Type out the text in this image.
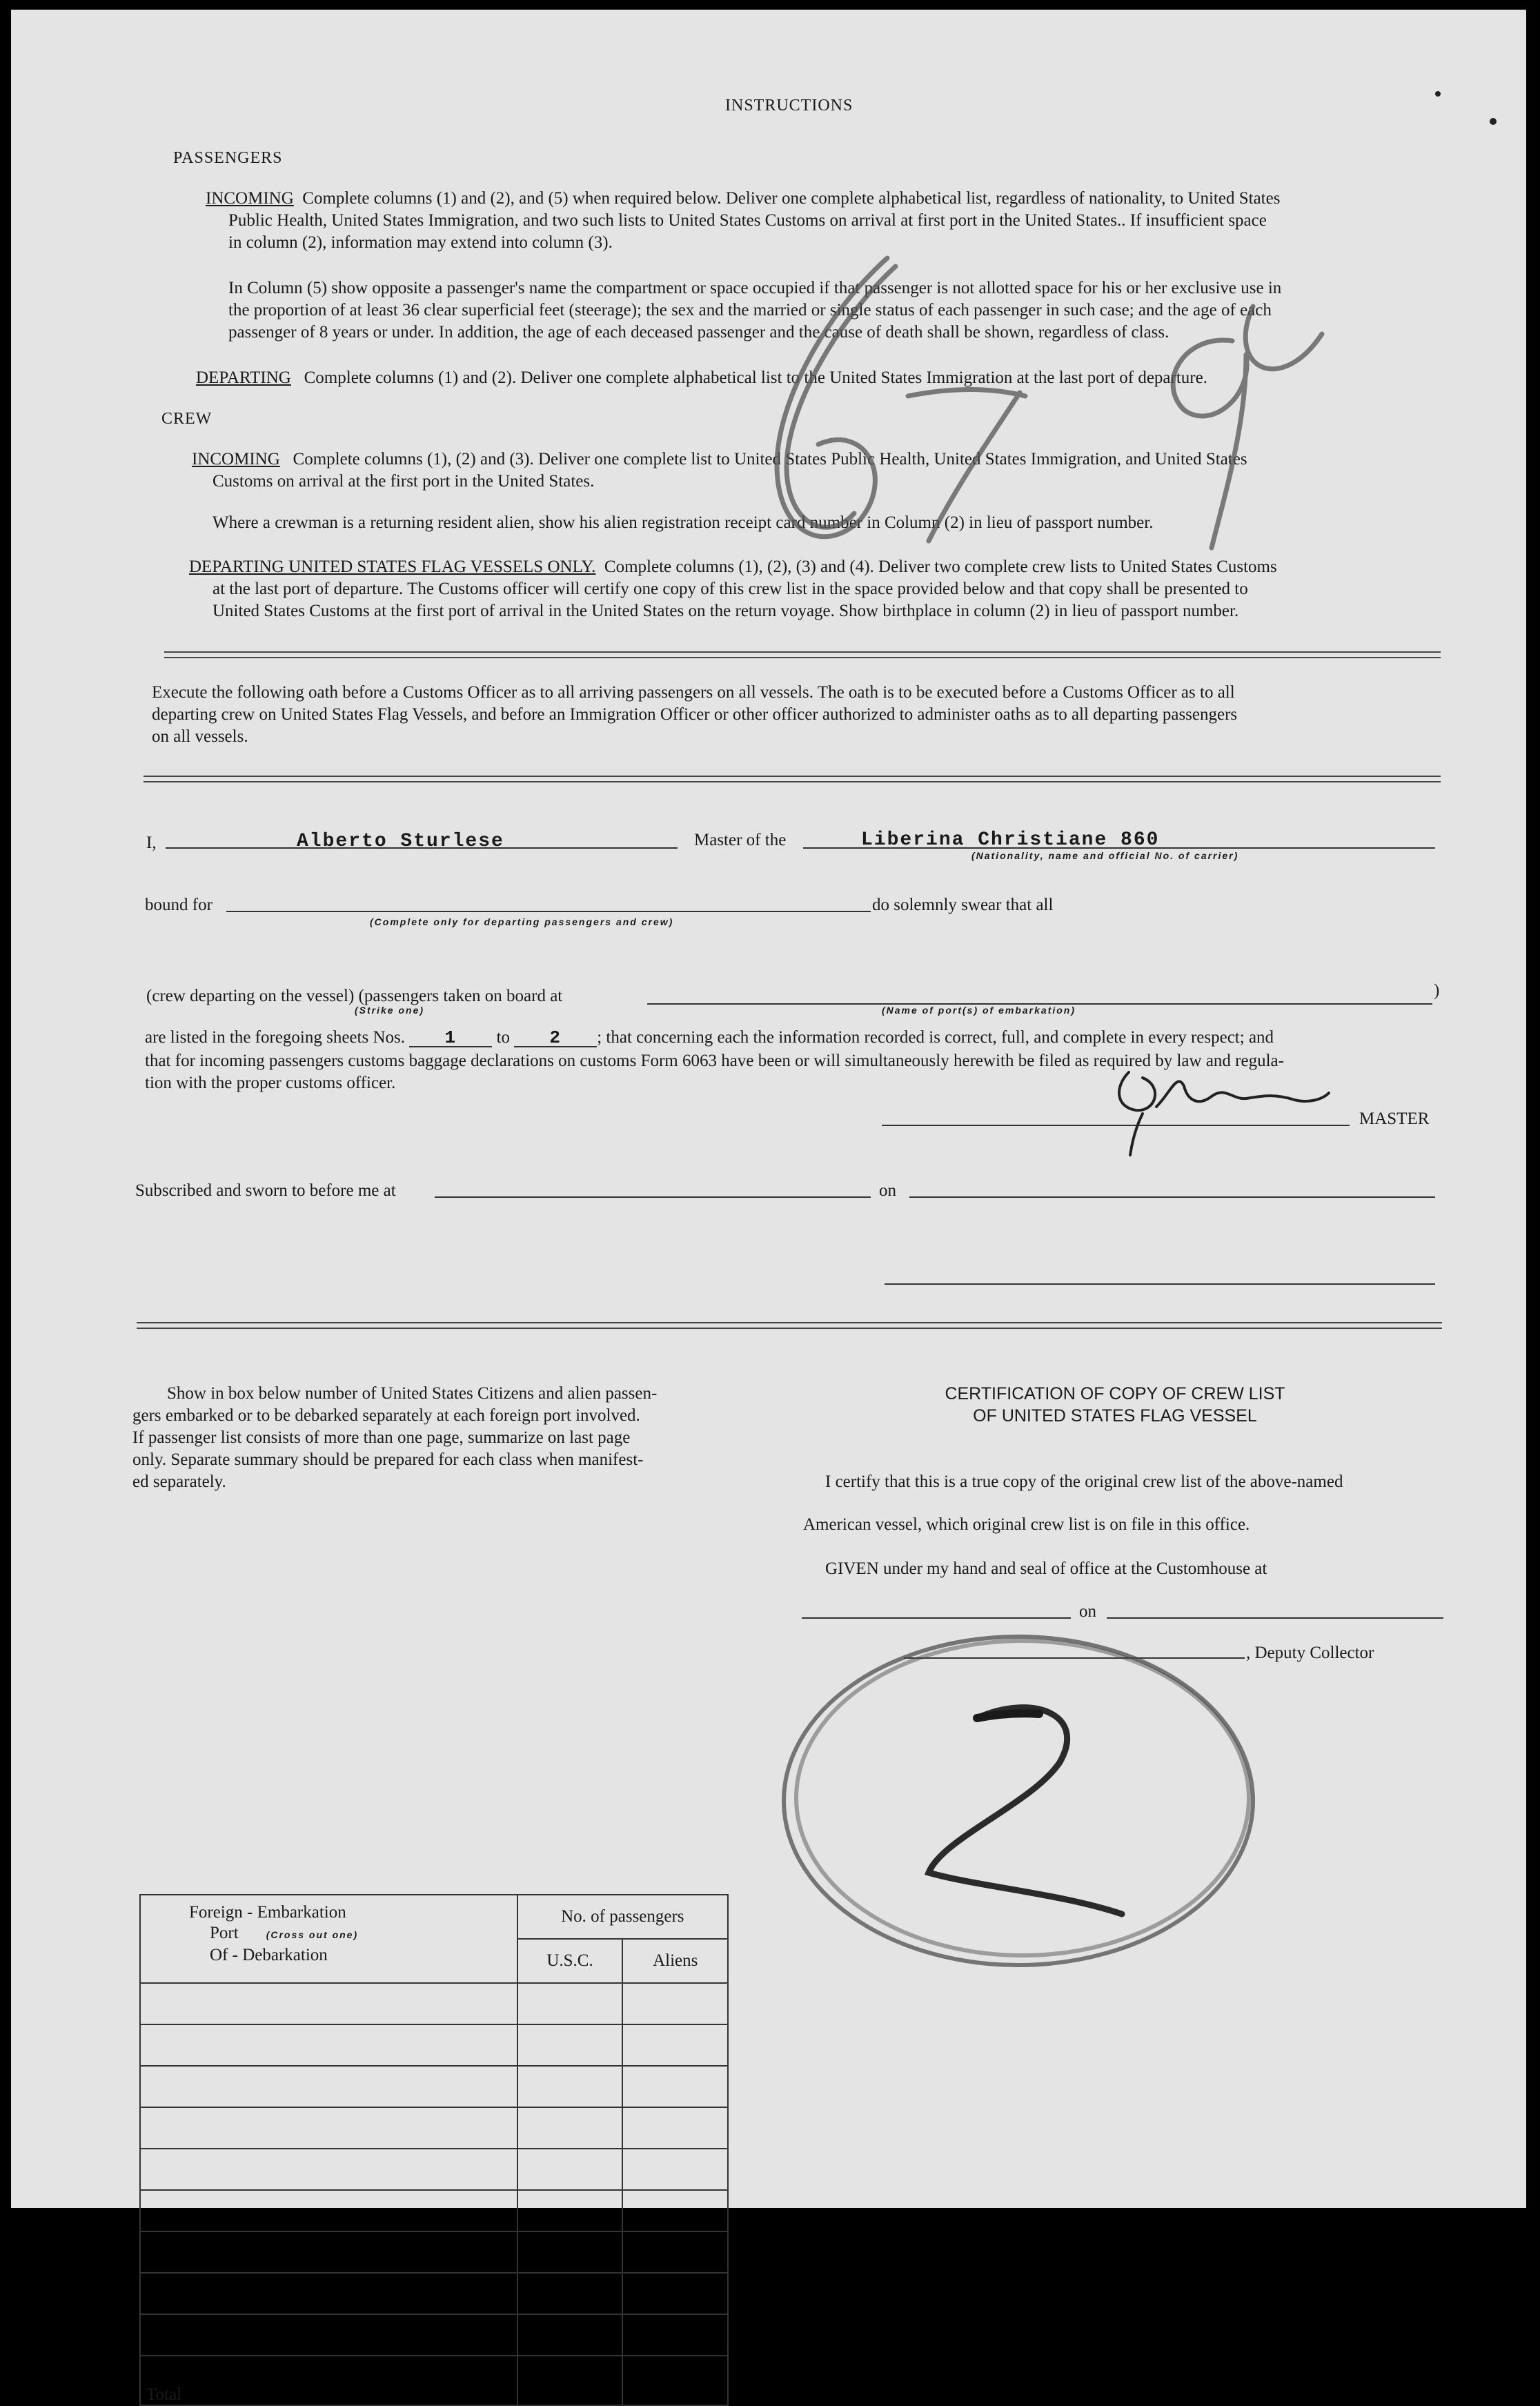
INSTRUCTIONS
PASSENGERS
INCOMING Complete columns (1) and (2), and (5) when required below. Deliver one complete alphabetical list, regardless of nationality, to United States
Public Health, United States Immigration, and two such lists to United States Customs on arrival at first port in the United States.. If insufficient space
in column (2), information may extend into column (3).
In Column (5) show opposite a passenger's name the compartment or space occupied if that passenger is not allotted space for his or her exclusive use in
the proportion of at least 36 clear superficial feet (steerage); the sex and the married or single status of each passenger in such case; and the age of each
passenger of 8 years or under. In addition, the age of each deceased passenger and the cause of death shall be shown, regardless of class.
DEPARTING Complete columns (1) and (2). Deliver one complete alphabetical list to the United States Immigration at the last port of departure.
CREW
INCOMING Complete columns (1), (2) and (3). Deliver one complete list to United States Public Health, United States Immigration, and United States
Customs on arrival at the first port in the United States.
Where a crewman is a returning resident alien, show his alien registration receipt card number in Column (2) in lieu of passport number.
DEPARTING UNITED STATES FLAG VESSELS ONLY. Complete columns (1), (2), (3) and (4). Deliver two complete crew lists to United States Customs
at the last port of departure. The Customs officer will certify one copy of this crew list in the space provided below and that copy shall be presented to
United States Customs at the first port of arrival in the United States on the return voyage. Show birthplace in column (2) in lieu of passport number.
Execute the following oath before a Customs Officer as to all arriving passengers on all vessels. The oath is to be executed before a Customs Officer as to all
departing crew on United States Flag Vessels, and before an Immigration Officer or other officer authorized to administer oaths as to all departing passengers
on all vessels.
I,	Alberto Sturlese	Master of the	Liberina Christiane 860
(Nationality, name and official No. of carrier)
bound for	do solemnly swear that all
(Complete only for departing passengers and crew)
(crew departing on the vessel) (passengers taken on board at	)
(Strike one)	(Name of port(s) of embarkation)
are listed in the foregoing sheets Nos. 1 to 2 ; that concerning each the information recorded is correct, full, and complete in every respect; and
that for incoming passengers customs baggage declarations on customs Form 6063 have been or will simultaneously herewith be filed as required by law and regula-
tion with the proper customs officer.
MASTER
Subscribed and sworn to before me at	on
Show in box below number of United States Citizens and alien passen-
gers embarked or to be debarked separately at each foreign port involved.
If passenger list consists of more than one page, summarize on last page
only. Separate summary should be prepared for each class when manifest-
ed separately.
Foreign - Embarkation
Port (Cross out one)
Of - Debarkation	No. of passengers	
	U.S.C.	Aliens

Total		
CERTIFICATION OF COPY OF CREW LIST
OF UNITED STATES FLAG VESSEL
I certify that this is a true copy of the original crew list of the above-named
American vessel, which original crew list is on file in this office.
GIVEN under my hand and seal of office at the Customhouse at
on
, Deputy Collector
